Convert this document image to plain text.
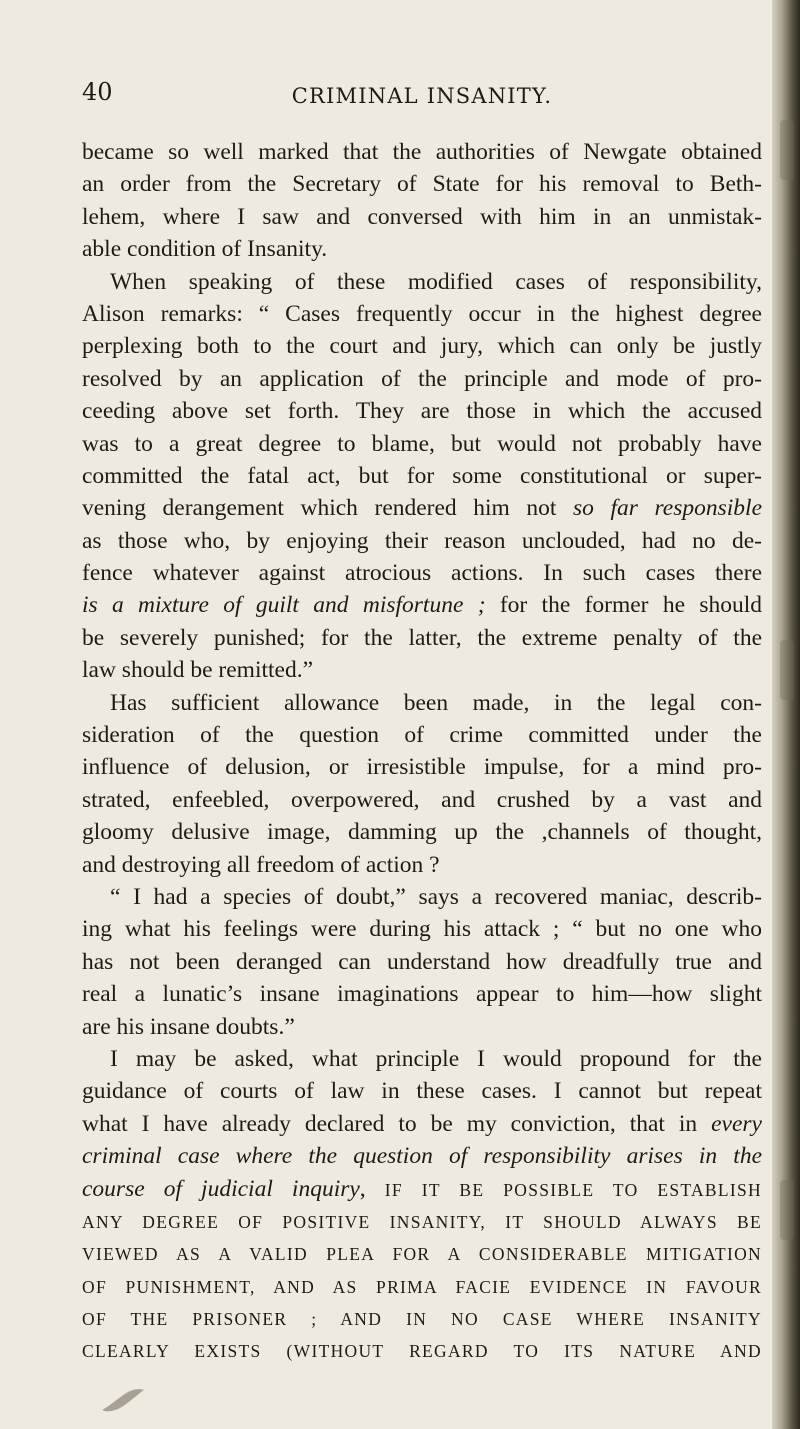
40	CRIMINAL INSANITY.
became so well marked that the authorities of Newgate obtained
an order from the Secretary of State for his removal to Beth-
lehem, where I saw and conversed with him in an unmistak-
able condition of Insanity.
When speaking of these modified cases of responsibility,
Alison remarks: “ Cases frequently occur in the highest degree
perplexing both to the court and jury, which can only be justly
resolved by an application of the principle and mode of pro-
ceeding above set forth. They are those in which the accused
was to a great degree to blame, but would not probably have
committed the fatal act, but for some constitutional or super-
vening derangement which rendered him not so far responsible
as those who, by enjoying their reason unclouded, had no de-
fence whatever against atrocious actions. In such cases there
is a mixture of guilt and misfortune ; for the former he should
be severely punished; for the latter, the extreme penalty of the
law should be remitted.”
Has sufficient allowance been made, in the legal con-
sideration of the question of crime committed under the
influence of delusion, or irresistible impulse, for a mind pro-
strated, enfeebled, overpowered, and crushed by a vast and
gloomy delusive image, damming up the ,channels of thought,
and destroying all freedom of action ?
“ I had a species of doubt,” says a recovered maniac, describ-
ing what his feelings were during his attack ; “ but no one who
has not been deranged can understand how dreadfully true and
real a lunatic’s insane imaginations appear to him—how slight
are his insane doubts.”
I may be asked, what principle I would propound for the
guidance of courts of law in these cases. I cannot but repeat
what I have already declared to be my conviction, that in every
criminal case where the question of responsibility arises in the
course of judicial inquiry, IF IT BE POSSIBLE TO ESTABLISH
ANY DEGREE OF POSITIVE INSANITY, IT SHOULD ALWAYS BE
VIEWED AS A VALID PLEA FOR A CONSIDERABLE MITIGATION
OF PUNISHMENT, AND AS PRIMA FACIE EVIDENCE IN FAVOUR
OF THE PRISONER ; AND IN NO CASE WHERE INSANITY
CLEARLY EXISTS (WITHOUT REGARD TO ITS NATURE AND
